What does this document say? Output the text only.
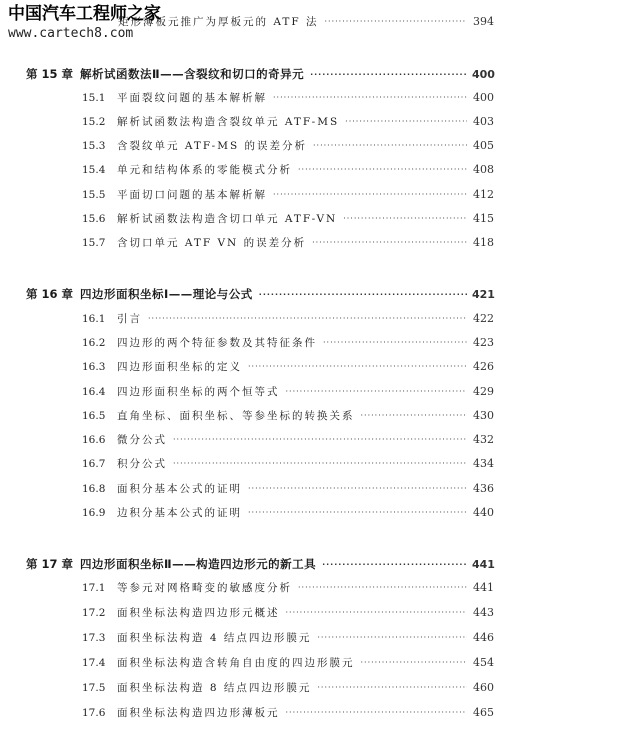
中国汽车工程师之家
www.cartech8.com
矩形薄板元推广为厚板元的 ATF 法 ·····	394
第 15 章 解析试函数法Ⅱ——含裂纹和切口的奇异元 ·····	400
15.1	平面裂纹问题的基本解析解 ·····	400
15.2	解析试函数法构造含裂纹单元 ATF-MS ·····	403
15.3	含裂纹单元 ATF-MS 的误差分析 ·····	405
15.4	单元和结构体系的零能模式分析 ·····	408
15.5	平面切口问题的基本解析解 ·····	412
15.6	解析试函数法构造含切口单元 ATF-VN ·····	415
15.7	含切口单元 ATF VN 的误差分析 ·····	418
第 16 章 四边形面积坐标Ⅰ——理论与公式 ·····	421
16.1	引言 ·····	422
16.2	四边形的两个特征参数及其特征条件 ·····	423
16.3	四边形面积坐标的定义 ·····	426
16.4	四边形面积坐标的两个恒等式 ·····	429
16.5	直角坐标、面积坐标、等参坐标的转换关系 ·····	430
16.6	微分公式 ·····	432
16.7	积分公式 ·····	434
16.8	面积分基本公式的证明 ·····	436
16.9	边积分基本公式的证明 ·····	440
第 17 章 四边形面积坐标Ⅱ——构造四边形元的新工具 ·····	441
17.1	等参元对网格畸变的敏感度分析 ·····	441
17.2	面积坐标法构造四边形元概述 ·····	443
17.3	面积坐标法构造 4 结点四边形膜元 ·····	446
17.4	面积坐标法构造含转角自由度的四边形膜元 ·····	454
17.5	面积坐标法构造 8 结点四边形膜元 ·····	460
17.6	面积坐标法构造四边形薄板元 ·····	465
